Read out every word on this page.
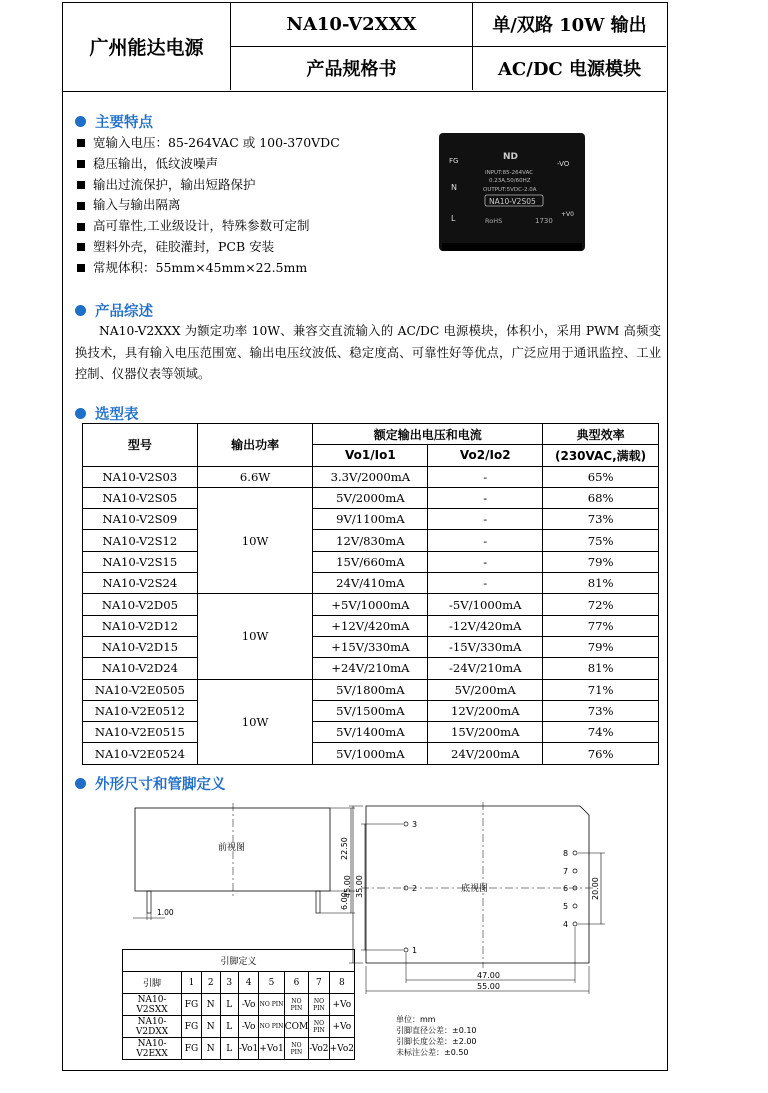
广州能达电源
NA10-V2XXX
产品规格书
单/双路 10W 输出
AC/DC 电源模块
主要特点
宽输入电压：85-264VAC 或 100-370VDC
稳压输出，低纹波噪声
输出过流保护，输出短路保护
输入与输出隔离
高可靠性,工业级设计，特殊参数可定制
塑料外壳，硅胶灌封，PCB 安装
常规体积：55mm×45mm×22.5mm
ND
FG
N
L
-VO
+V0
INPUT:85-264VAC
0.23A,50/60HZ
OUTPUT:5VDC-2.0A
NA10-V2S05
RoHS	1730
产品综述

NA10-V2XXX 为额定功率 10W、兼容交直流输入的 AC/DC 电源模块，体积小，采用 PWM 高频变换技术，具有输入电压范围宽、输出电压纹波低、稳定度高、可靠性好等优点，广泛应用于通讯监控、工业控制、仪器仪表等领域。

选型表
型号	输出功率	额定输出电压和电流		典型效率
		Vo1/Io1	Vo2/Io2	(230VAC,满载)
NA10-V2S03	6.6W	3.3V/2000mA	-	65%
NA10-V2S05	10W	5V/2000mA	-	68%
NA10-V2S09		9V/1100mA	-	73%
NA10-V2S12		12V/830mA	-	75%
NA10-V2S15		15V/660mA	-	79%
NA10-V2S24		24V/410mA	-	81%
NA10-V2D05	10W	+5V/1000mA	-5V/1000mA	72%
NA10-V2D12		+12V/420mA	-12V/420mA	77%
NA10-V2D15		+15V/330mA	-15V/330mA	79%
NA10-V2D24		+24V/210mA	-24V/210mA	81%
NA10-V2E0505	10W	5V/1800mA	5V/200mA	71%
NA10-V2E0512		5V/1500mA	12V/200mA	73%
NA10-V2E0515		5V/1400mA	15V/200mA	74%
NA10-V2E0524		5V/1000mA	24V/200mA	76%
外形尺寸和管脚定义
前视图	22.50
6.00
1.00
底视图
3
2
1
8
7
6
5
4
45.00 35.00	20.00
47.00
55.00
引脚定义								
引脚	1	2	3	4	5	6	7	8
NA10-V2SXX	FG	N	L	-Vo	NO PIN	NO PIN	NO PIN	+Vo
NA10-V2DXX	FG	N	L	-Vo	NO PIN	COM	NO PIN	+Vo
NA10-V2EXX	FG	N	L	-Vo1	+Vo1	NO PIN	-Vo2	+Vo2
单位：mm
引脚直径公差：±0.10
引脚长度公差：±2.00
未标注公差：±0.50
